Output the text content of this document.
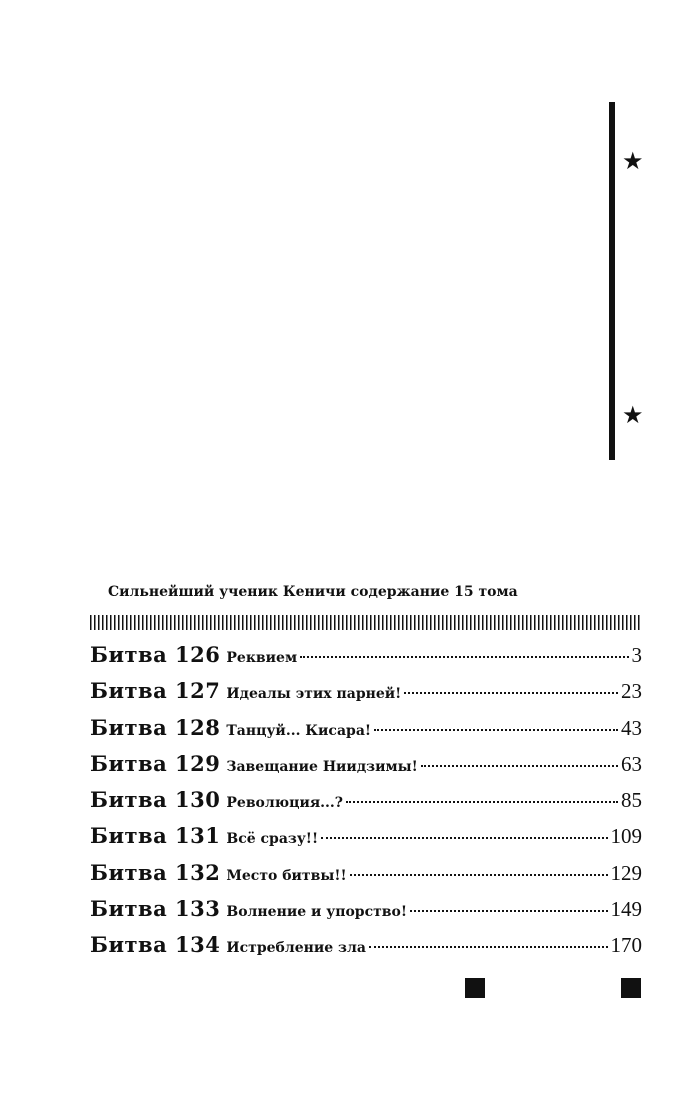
★
★
Сильнейший ученик Кеничи содержание 15 тома
Битва 126 Реквием	3
Битва 127 Идеалы этих парней!	23
Битва 128 Танцуй... Кисара!	43
Битва 129 Завещание Ниидзимы!	63
Битва 130 Революция...?	85
Битва 131 Всё сразу!!	109
Битва 132 Место битвы!!	129
Битва 133 Волнение и упорство!	149
Битва 134 Истребление зла	170
